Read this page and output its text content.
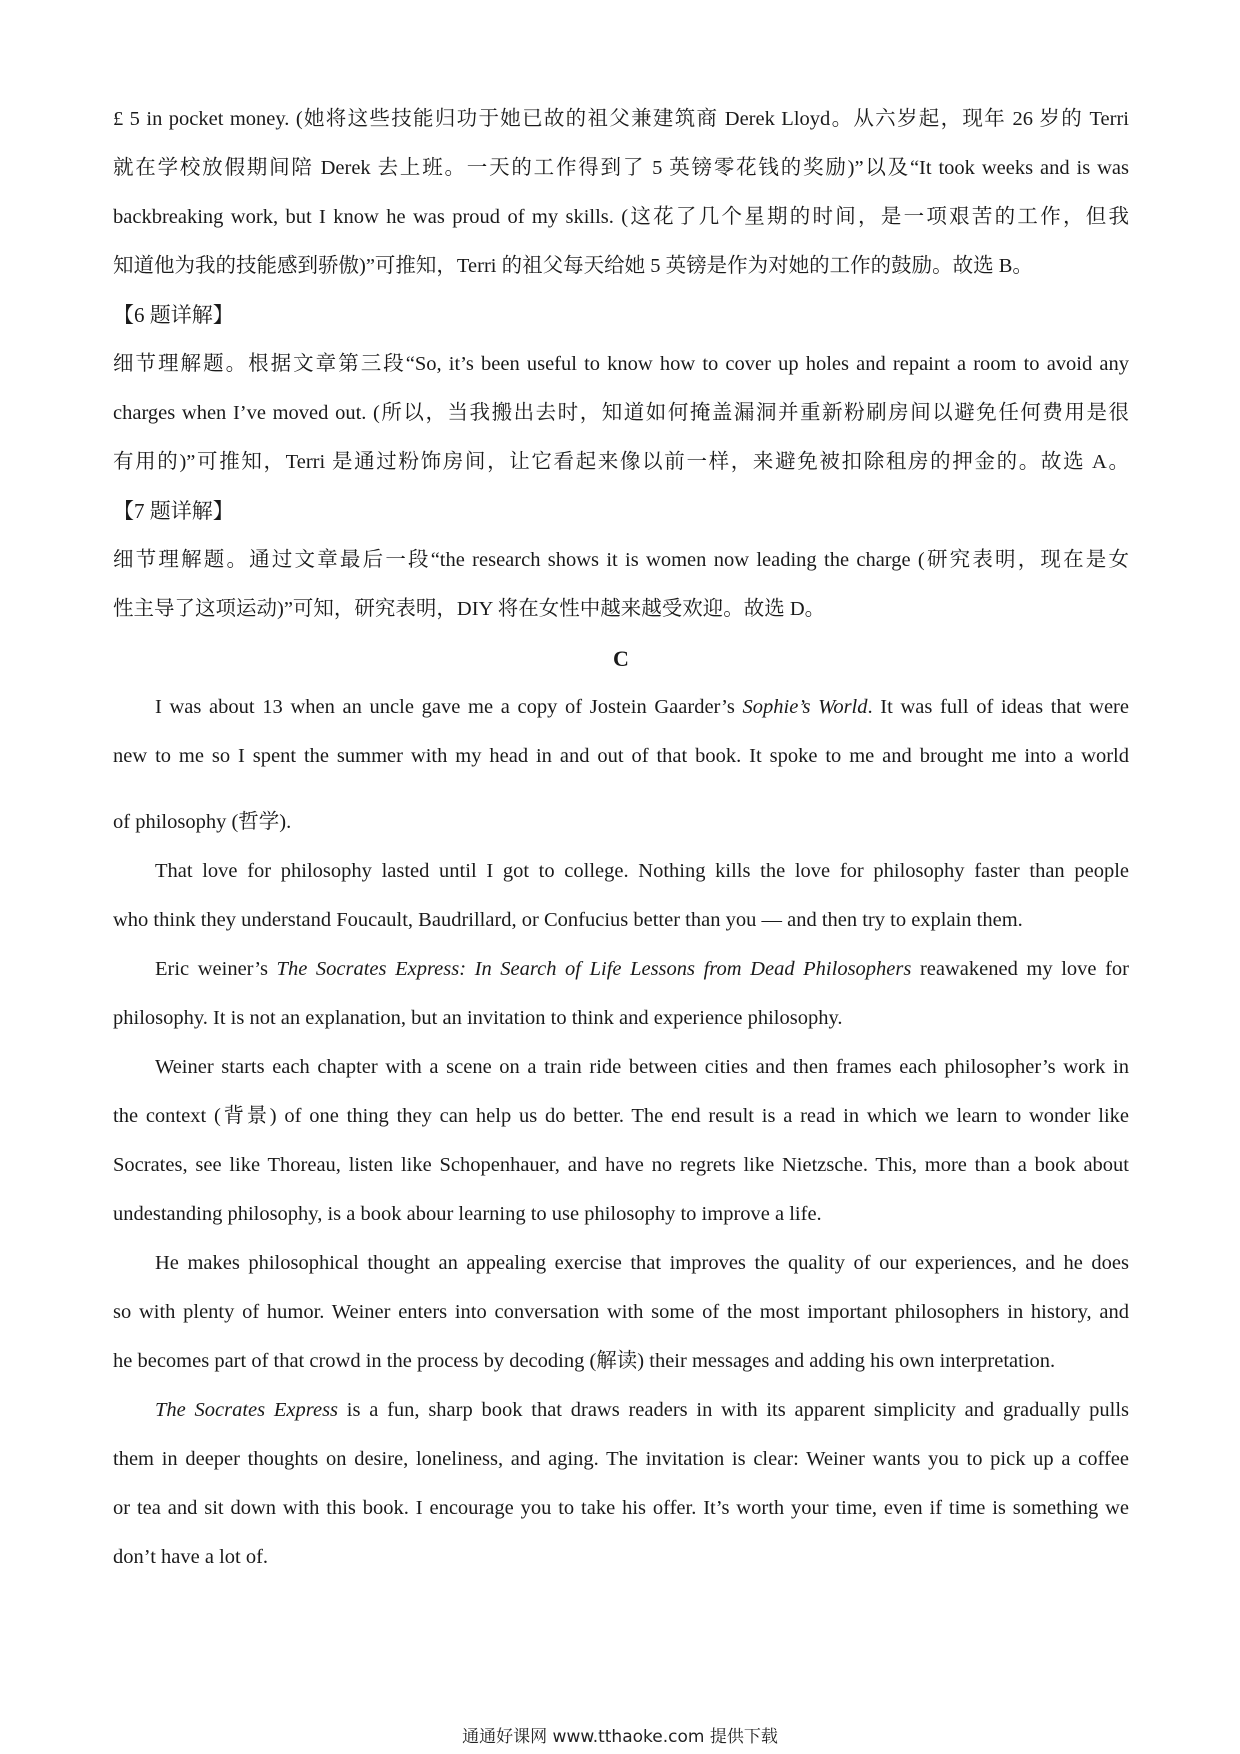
£ 5 in pocket money. (她将这些技能归功于她已故的祖父兼建筑商 Derek Lloyd。从六岁起，现年 26 岁的 Terri

就在学校放假期间陪 Derek 去上班。一天的工作得到了 5 英镑零花钱的奖励)”以及“It took weeks and is was

backbreaking work, but I know he was proud of my skills. (这花了几个星期的时间，是一项艰苦的工作，但我

知道他为我的技能感到骄傲)”可推知，Terri 的祖父每天给她 5 英镑是作为对她的工作的鼓励。故选 B。

【6 题详解】

细节理解题。根据文章第三段“So, it’s been useful to know how to cover up holes and repaint a room to avoid any

charges when I’ve moved out. (所以，当我搬出去时，知道如何掩盖漏洞并重新粉刷房间以避免任何费用是很

有用的)”可推知，Terri 是通过粉饰房间，让它看起来像以前一样，来避免被扣除租房的押金的。故选 A。

【7 题详解】

细节理解题。通过文章最后一段“the research shows it is women now leading the charge (研究表明，现在是女

性主导了这项运动)”可知，研究表明，DIY 将在女性中越来越受欢迎。故选 D。

C

I was about 13 when an uncle gave me a copy of Jostein Gaarder’s Sophie’s World. It was full of ideas that were

new to me so I spent the summer with my head in and out of that book. It spoke to me and brought me into a world

of philosophy (哲学).

That love for philosophy lasted until I got to college. Nothing kills the love for philosophy faster than people

who think they understand Foucault, Baudrillard, or Confucius better than you — and then try to explain them.

Eric weiner’s The Socrates Express: In Search of Life Lessons from Dead Philosophers reawakened my love for

philosophy. It is not an explanation, but an invitation to think and experience philosophy.

Weiner starts each chapter with a scene on a train ride between cities and then frames each philosopher’s work in

the context (背景) of one thing they can help us do better. The end result is a read in which we learn to wonder like

Socrates, see like Thoreau, listen like Schopenhauer, and have no regrets like Nietzsche. This, more than a book about

undestanding philosophy, is a book abour learning to use philosophy to improve a life.

He makes philosophical thought an appealing exercise that improves the quality of our experiences, and he does

so with plenty of humor. Weiner enters into conversation with some of the most important philosophers in history, and

he becomes part of that crowd in the process by decoding (解读) their messages and adding his own interpretation.

The Socrates Express is a fun, sharp book that draws readers in with its apparent simplicity and gradually pulls

them in deeper thoughts on desire, loneliness, and aging. The invitation is clear: Weiner wants you to pick up a coffee

or tea and sit down with this book. I encourage you to take his offer. It’s worth your time, even if time is something we

don’t have a lot of.

通通好课网 www.tthaoke.com 提供下载
